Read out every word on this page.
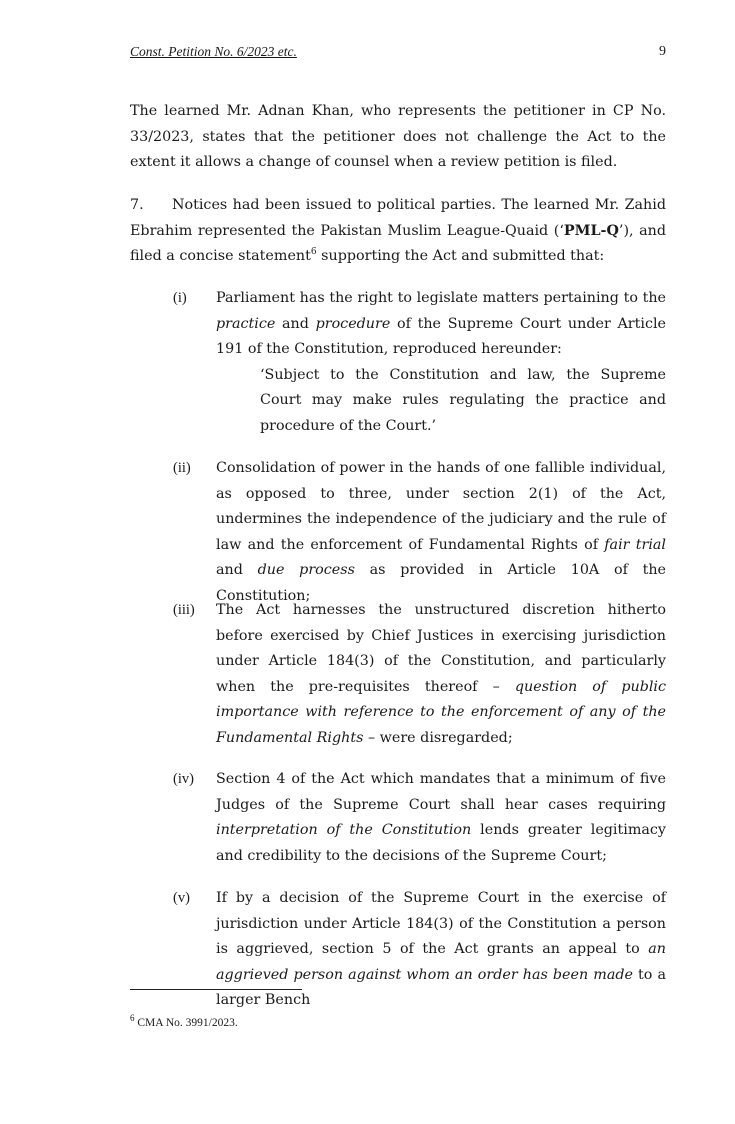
Const. Petition No. 6/2023 etc.	9
The learned Mr. Adnan Khan, who represents the petitioner in CP No. 33/2023, states that the petitioner does not challenge the Act to the extent it allows a change of counsel when a review petition is filed.
7. Notices had been issued to political parties. The learned Mr. Zahid Ebrahim represented the Pakistan Muslim League-Quaid (‘PML-Q’), and filed a concise statement$^6$ supporting the Act and submitted that:
(i)	Parliament has the right to legislate matters pertaining to the practice and procedure of the Supreme Court under Article 191 of the Constitution, reproduced hereunder:
‘Subject to the Constitution and law, the Supreme Court may make rules regulating the practice and procedure of the Court.’
(ii)	Consolidation of power in the hands of one fallible individual, as opposed to three, under section 2(1) of the Act, undermines the independence of the judiciary and the rule of law and the enforcement of Fundamental Rights of fair trial and due process as provided in Article 10A of the Constitution;
(iii)	The Act harnesses the unstructured discretion hitherto before exercised by Chief Justices in exercising jurisdiction under Article 184(3) of the Constitution, and particularly when the pre-requisites thereof – question of public importance with reference to the enforcement of any of the Fundamental Rights – were disregarded;
(iv)	Section 4 of the Act which mandates that a minimum of five Judges of the Supreme Court shall hear cases requiring interpretation of the Constitution lends greater legitimacy and credibility to the decisions of the Supreme Court;
(v)	If by a decision of the Supreme Court in the exercise of jurisdiction under Article 184(3) of the Constitution a person is aggrieved, section 5 of the Act grants an appeal to an aggrieved person against whom an order has been made to a larger Bench
$^6$ CMA No. 3991/2023.
